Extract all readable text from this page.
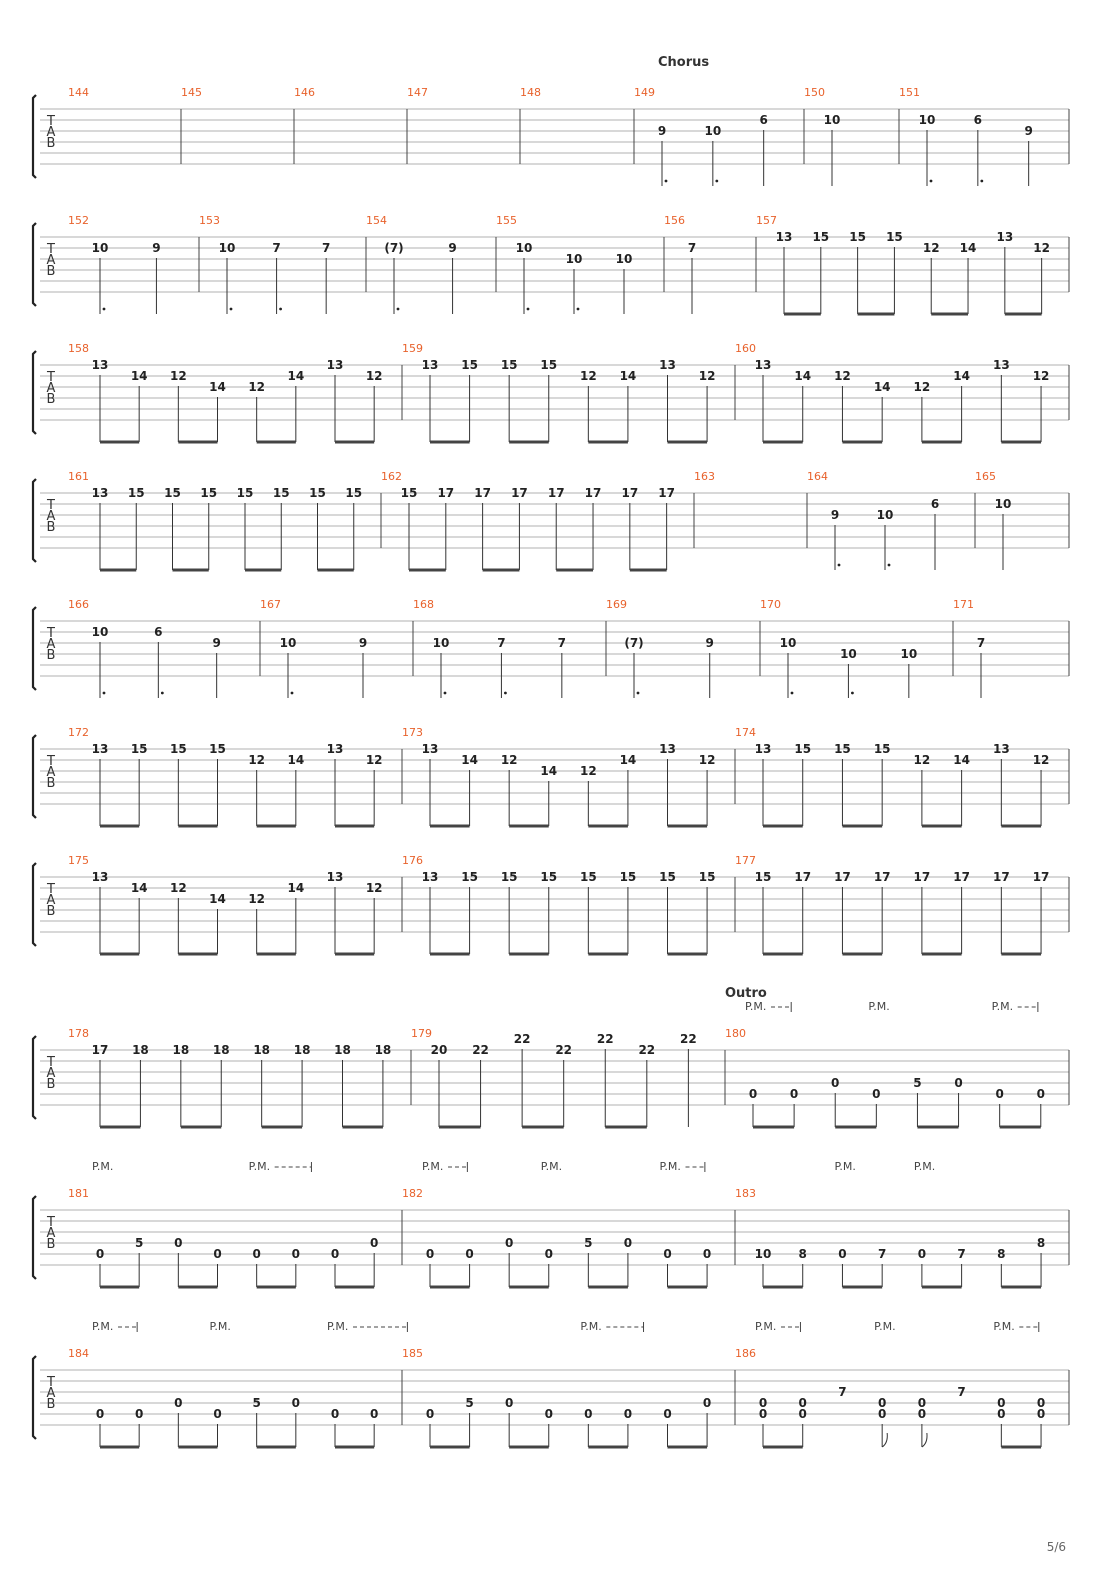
T
A
B
144	145	146	147	148	149
Chorus
9	10
6
150
10
151
10	6
9
T
A
B
152
10	9
153
10	7	7
154
(7)	9
155
10
10	10
156
7
157
13 15 15 15
12 14
13
12
T
A
B
158
13
14 12
14 12
14
13
12
159
13 15 15 15
12 14
13
12
160
13
14 12
14 12
14
13
12
T
A
B
161
13 15 15 15 15 15 15 15
162
15 17 17 17 17 17 17 17
163	164
9	10
6
165
10
T
A
B
166
10	6
9
167
10	9
168
10	7	7
169
(7)	9
170
10
10	10
171
7
T
A
B
172
13 15 15 15
12 14
13
12
173
13
14 12
14 12
14
13
12
174
13 15 15 15
12 14
13
12
T
A
B
175
13
14 12
14 12
14
13
12
176
13 15 15 15 15 15 15 15
177
15 17 17 17 17 17 17 17
T
A
B
178
17 18 18 18 18 18 18 18
179
20 22
22
22
22
22
22	180
Outro
P.M.	P.M.	P.M.
0	0
0
0
5	0
0	0
T
A
B
181
P.M.	P.M.
0
5	0
0	0	0	0
0
182
P.M.	P.M.	P.M.
0	0
0
0
5	0
0	0
183
P.M.	P.M.
10 8	0	7	0	7	8
8
T
A
B
184
P.M.	P.M.	P.M.
0	0
0
0
5	0
0	0
185
P.M.
0
5	0
0	0	0	0
0
186
P.M.	P.M.	P.M.
0
0
0
0
7
0
0
0
0
7
0
0
0
0
5/6
